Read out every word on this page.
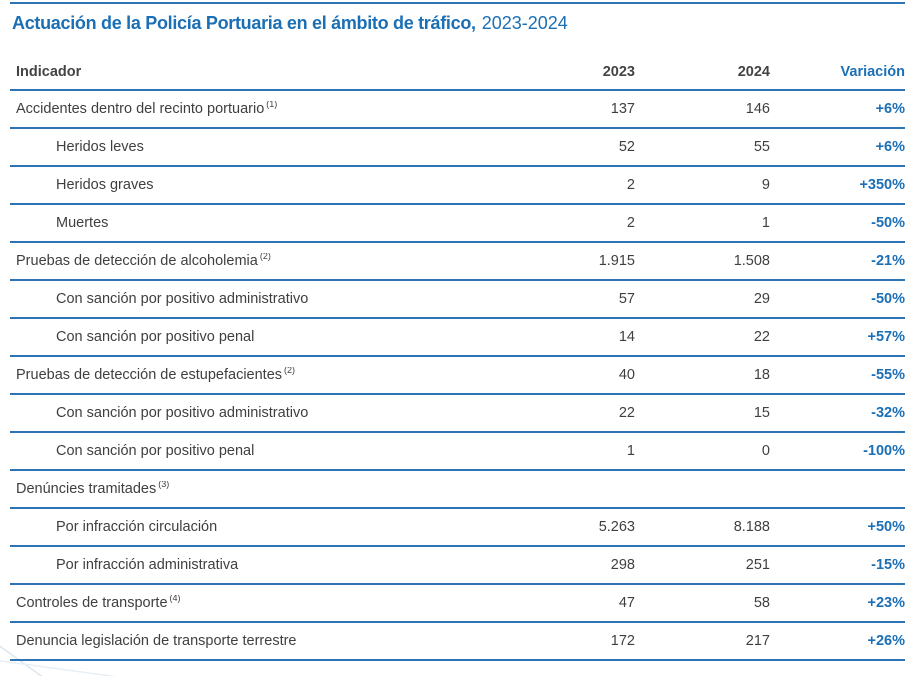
Actuación de la Policía Portuaria en el ámbito de tráfico, 2023-2024
Indicador	2023	2024	Variación
Accidentes dentro del recinto portuario $^{(1)}$	137	146	+6%
Heridos leves	52	55	+6%
Heridos graves	2	9	+350%
Muertes	2	1	-50%
Pruebas de detección de alcoholemia $^{(2)}$	1.915	1.508	-21%
Con sanción por positivo administrativo	57	29	-50%
Con sanción por positivo penal	14	22	+57%
Pruebas de detección de estupefacientes $^{(2)}$	40	18	-55%
Con sanción por positivo administrativo	22	15	-32%
Con sanción por positivo penal	1	0	-100%
Denúncies tramitades $^{(3)}$
Por infracción circulación	5.263	8.188	+50%
Por infracción administrativa	298	251	-15%
Controles de transporte $^{(4)}$	47	58	+23%
Denuncia legislación de transporte terrestre	172	217	+26%
